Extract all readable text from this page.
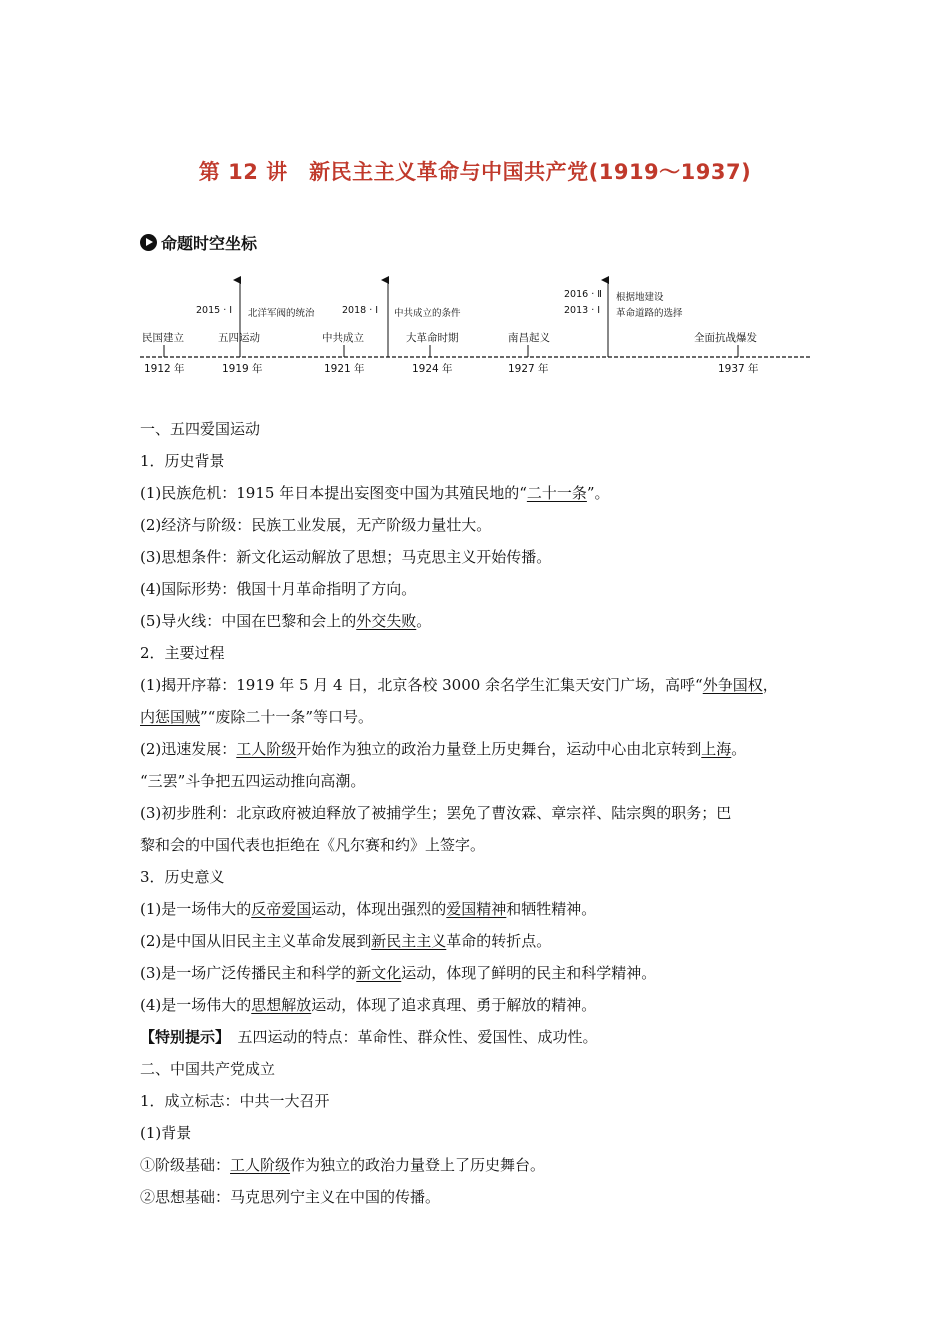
第 12 讲　新民主主义革命与中国共产党(1919～1937)
命题时空坐标
2015 · Ⅰ 北洋军阀的统治	2018 · Ⅰ 中共成立的条件
2016 · Ⅱ
2013 · Ⅰ
根据地建设
革命道路的选择
民国建立	五四运动	中共成立	大革命时期	南昌起义	全面抗战爆发
1912 年	1919 年	1921 年	1924 年	1927 年	1937 年
一、五四爱国运动
1．历史背景
(1)民族危机：1915 年日本提出妄图变中国为其殖民地的“二十一条”。
(2)经济与阶级：民族工业发展，无产阶级力量壮大。
(3)思想条件：新文化运动解放了思想；马克思主义开始传播。
(4)国际形势：俄国十月革命指明了方向。
(5)导火线：中国在巴黎和会上的外交失败。
2．主要过程
(1)揭开序幕：1919 年 5 月 4 日，北京各校 3000 余名学生汇集天安门广场，高呼“外争国权，
内惩国贼”“废除二十一条”等口号。
(2)迅速发展：工人阶级开始作为独立的政治力量登上历史舞台，运动中心由北京转到上海。
“三罢”斗争把五四运动推向高潮。
(3)初步胜利：北京政府被迫释放了被捕学生；罢免了曹汝霖、章宗祥、陆宗舆的职务；巴
黎和会的中国代表也拒绝在《凡尔赛和约》上签字。
3．历史意义
(1)是一场伟大的反帝爱国运动，体现出强烈的爱国精神和牺牲精神。
(2)是中国从旧民主主义革命发展到新民主主义革命的转折点。
(3)是一场广泛传播民主和科学的新文化运动，体现了鲜明的民主和科学精神。
(4)是一场伟大的思想解放运动，体现了追求真理、勇于解放的精神。
【特别提示】　五四运动的特点：革命性、群众性、爱国性、成功性。
二、中国共产党成立
1．成立标志：中共一大召开
(1)背景
①阶级基础：工人阶级作为独立的政治力量登上了历史舞台。
②思想基础：马克思列宁主义在中国的传播。
